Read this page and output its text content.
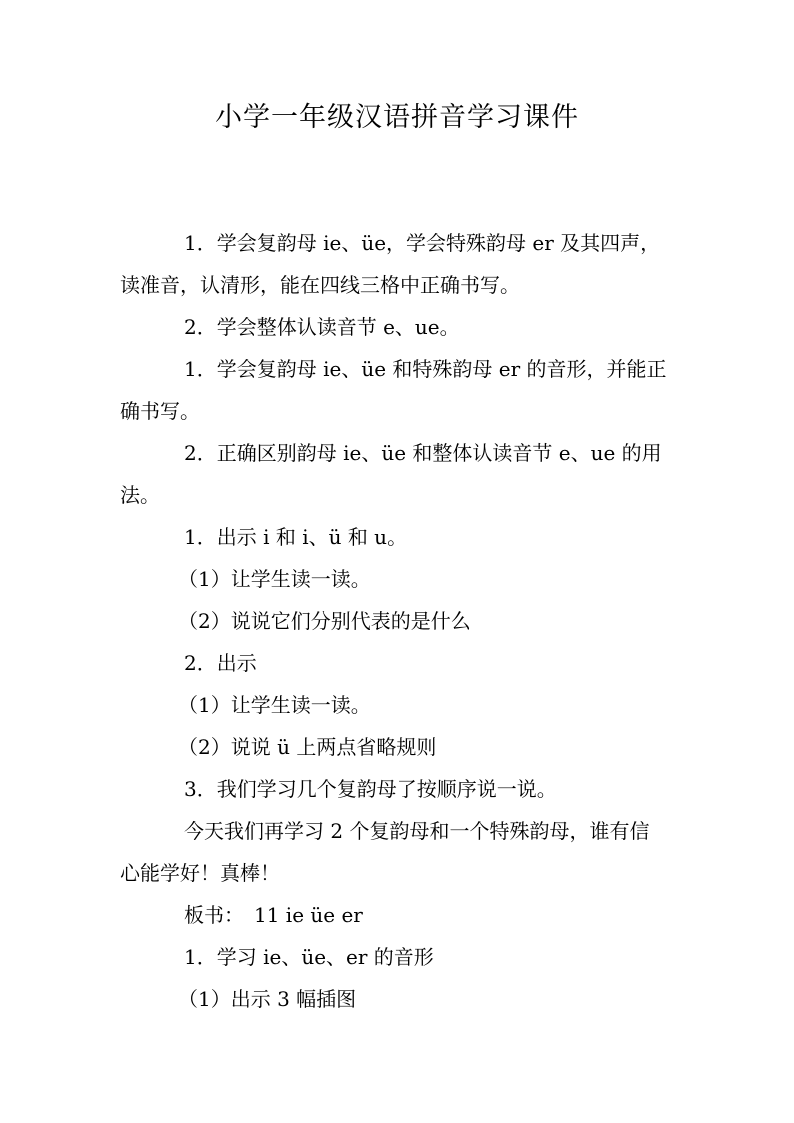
小学一年级汉语拼音学习课件
1．学会复韵母 ie、üe，学会特殊韵母 er 及其四声，
读准音，认清形，能在四线三格中正确书写。
2．学会整体认读音节 e、ue。
1．学会复韵母 ie、üe 和特殊韵母 er 的音形，并能正
确书写。
2．正确区别韵母 ie、üe 和整体认读音节 e、ue 的用
法。
1．出示 i 和 i、ü 和 u。
（1）让学生读一读。
（2）说说它们分别代表的是什么
2．出示
（1）让学生读一读。
（2）说说 ü 上两点省略规则
3．我们学习几个复韵母了按顺序说一说。
今天我们再学习 2 个复韵母和一个特殊韵母，谁有信
心能学好！真棒！
板书：　11 ie üe er
1．学习 ie、üe、er 的音形
（1）出示 3 幅插图
